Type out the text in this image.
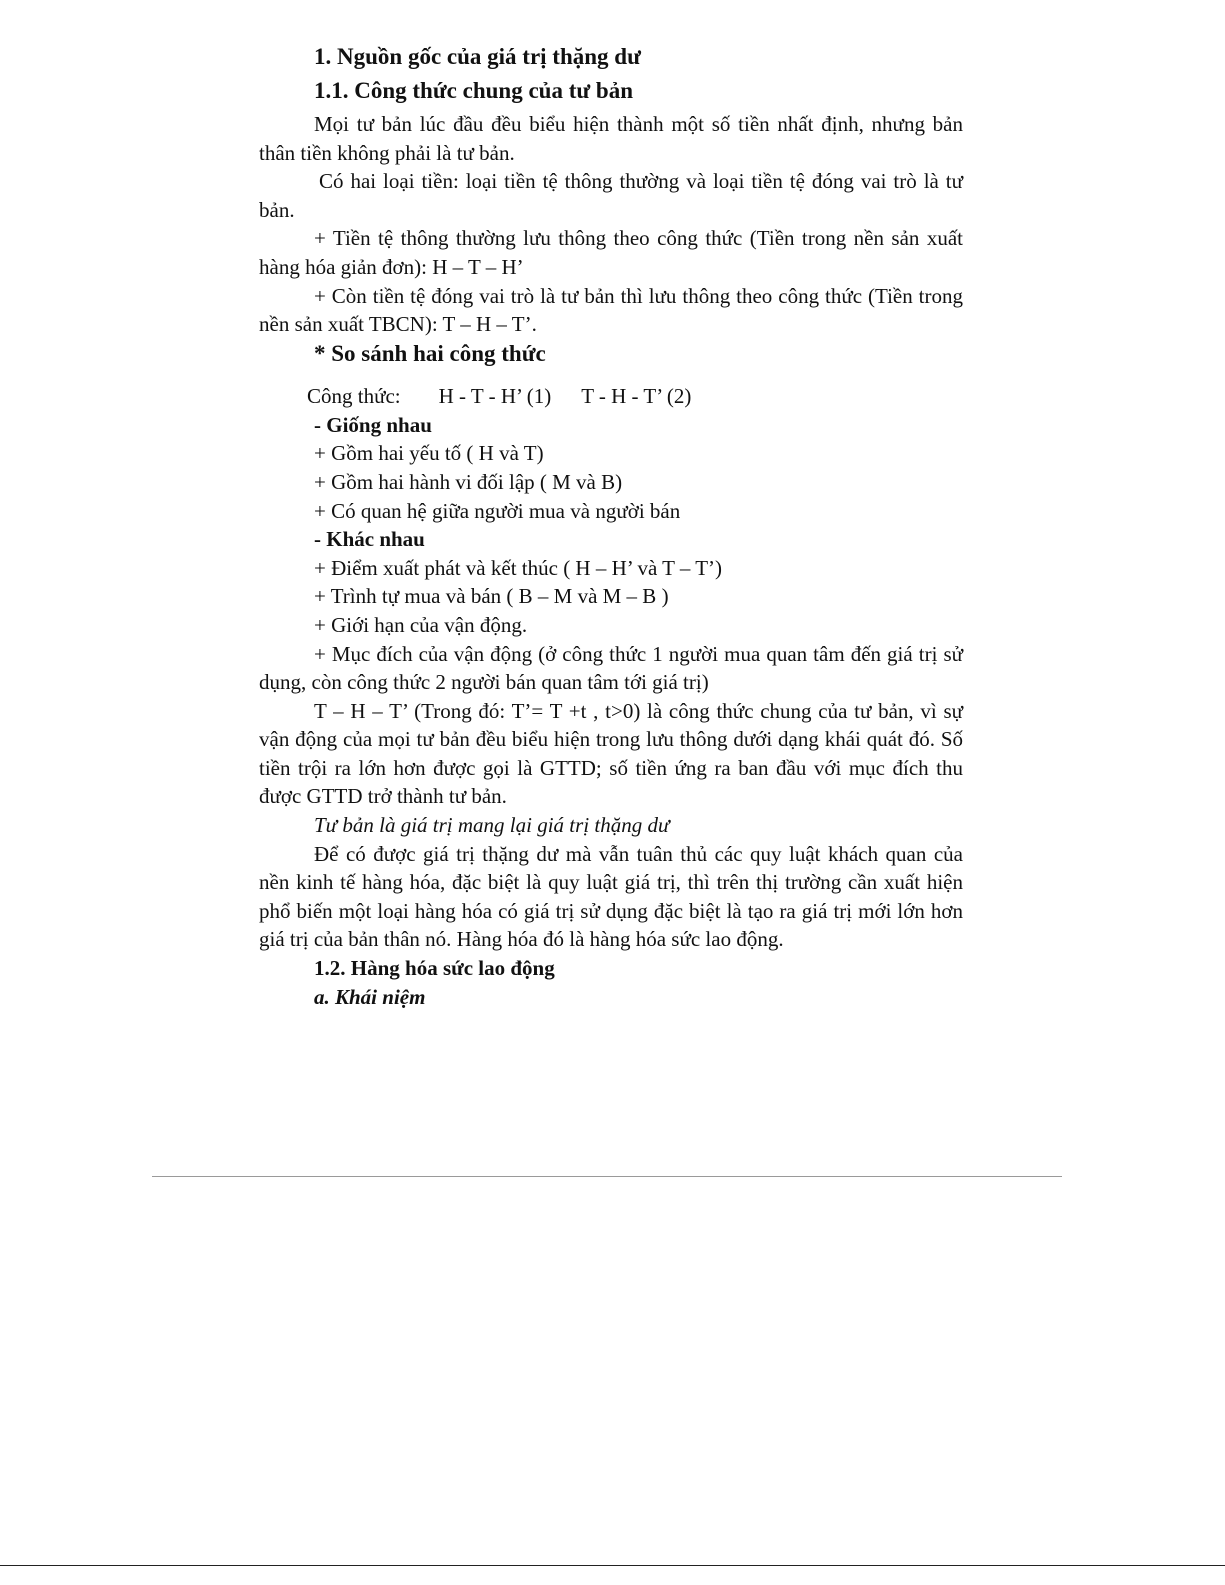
1. Nguồn gốc của giá trị thặng dư
1.1. Công thức chung của tư bản

Mọi tư bản lúc đầu đều biểu hiện thành một số tiền nhất định, nhưng bản thân tiền không phải là tư bản.

Có hai loại tiền: loại tiền tệ thông thường và loại tiền tệ đóng vai trò là tư bản.

+ Tiền tệ thông thường lưu thông theo công thức (Tiền trong nền sản xuất hàng hóa giản đơn): H – T – H’

+ Còn tiền tệ đóng vai trò là tư bản thì lưu thông theo công thức (Tiền trong nền sản xuất TBCN): T – H – T’.

* So sánh hai công thức
Công thức: H - T - H’ (1) T - H - T’ (2)
- Giống nhau
+ Gồm hai yếu tố ( H và T)
+ Gồm hai hành vi đối lập ( M và B)
+ Có quan hệ giữa người mua và người bán
- Khác nhau
+ Điểm xuất phát và kết thúc ( H – H’ và T – T’)
+ Trình tự mua và bán ( B – M và M – B )
+ Giới hạn của vận động.

+ Mục đích của vận động (ở công thức 1 người mua quan tâm đến giá trị sử dụng, còn công thức 2 người bán quan tâm tới giá trị)

T – H – T’ (Trong đó: T’= T +t , t>0) là công thức chung của tư bản, vì sự vận động của mọi tư bản đều biểu hiện trong lưu thông dưới dạng khái quát đó. Số tiền trội ra lớn hơn được gọi là GTTD; số tiền ứng ra ban đầu với mục đích thu được GTTD trở thành tư bản.

Tư bản là giá trị mang lại giá trị thặng dư

Để có được giá trị thặng dư mà vẫn tuân thủ các quy luật khách quan của nền kinh tế hàng hóa, đặc biệt là quy luật giá trị, thì trên thị trường cần xuất hiện phổ biến một loại hàng hóa có giá trị sử dụng đặc biệt là tạo ra giá trị mới lớn hơn giá trị của bản thân nó. Hàng hóa đó là hàng hóa sức lao động.

1.2. Hàng hóa sức lao động
a. Khái niệm
